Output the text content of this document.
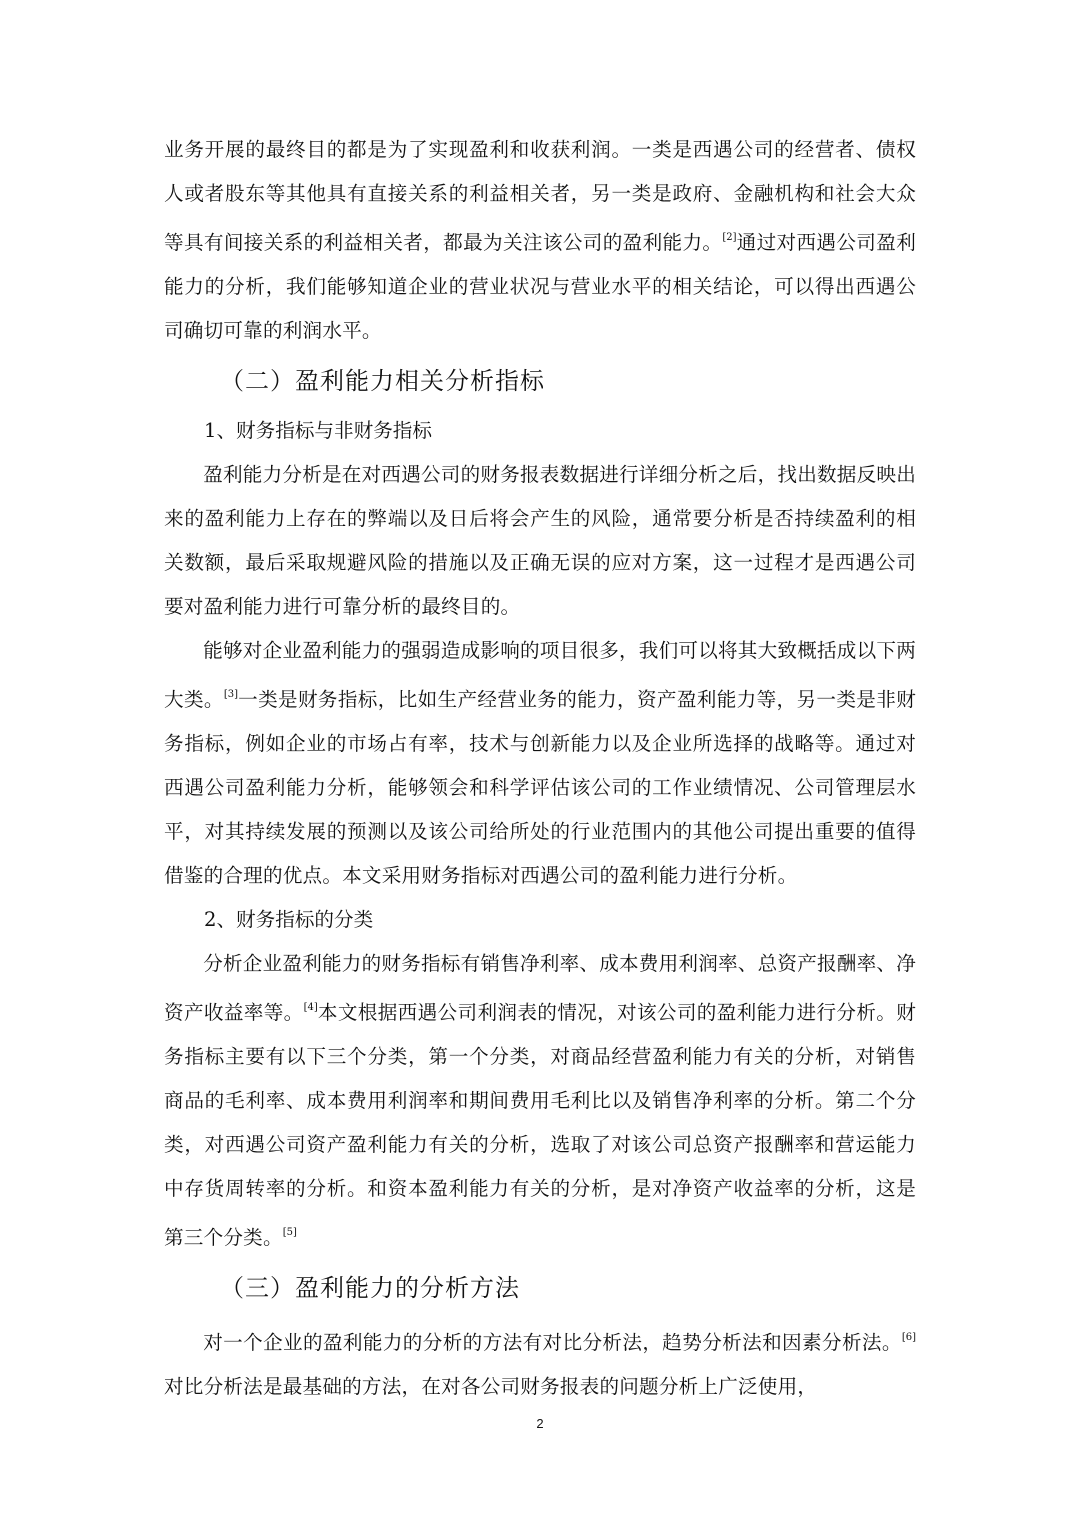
业务开展的最终目的都是为了实现盈利和收获利润。一类是西遇公司的经营者、债权人或者股东等其他具有直接关系的利益相关者，另一类是政府、金融机构和社会大众等具有间接关系的利益相关者，都最为关注该公司的盈利能力。[2]通过对西遇公司盈利能力的分析，我们能够知道企业的营业状况与营业水平的相关结论，可以得出西遇公司确切可靠的利润水平。

（二）盈利能力相关分析指标
1、财务指标与非财务指标

盈利能力分析是在对西遇公司的财务报表数据进行详细分析之后，找出数据反映出来的盈利能力上存在的弊端以及日后将会产生的风险，通常要分析是否持续盈利的相关数额，最后采取规避风险的措施以及正确无误的应对方案，这一过程才是西遇公司要对盈利能力进行可靠分析的最终目的。

能够对企业盈利能力的强弱造成影响的项目很多，我们可以将其大致概括成以下两大类。[3]一类是财务指标，比如生产经营业务的能力，资产盈利能力等，另一类是非财务指标，例如企业的市场占有率，技术与创新能力以及企业所选择的战略等。通过对西遇公司盈利能力分析，能够领会和科学评估该公司的工作业绩情况、公司管理层水平，对其持续发展的预测以及该公司给所处的行业范围内的其他公司提出重要的值得借鉴的合理的优点。本文采用财务指标对西遇公司的盈利能力进行分析。

2、财务指标的分类

分析企业盈利能力的财务指标有销售净利率、成本费用利润率、总资产报酬率、净资产收益率等。[4]本文根据西遇公司利润表的情况，对该公司的盈利能力进行分析。财务指标主要有以下三个分类，第一个分类，对商品经营盈利能力有关的分析，对销售商品的毛利率、成本费用利润率和期间费用毛利比以及销售净利率的分析。第二个分类，对西遇公司资产盈利能力有关的分析，选取了对该公司总资产报酬率和营运能力中存货周转率的分析。和资本盈利能力有关的分析，是对净资产收益率的分析，这是第三个分类。[5]

（三）盈利能力的分析方法

对一个企业的盈利能力的分析的方法有对比分析法，趋势分析法和因素分析法。[6]对比分析法是最基础的方法，在对各公司财务报表的问题分析上广泛使用，

2
